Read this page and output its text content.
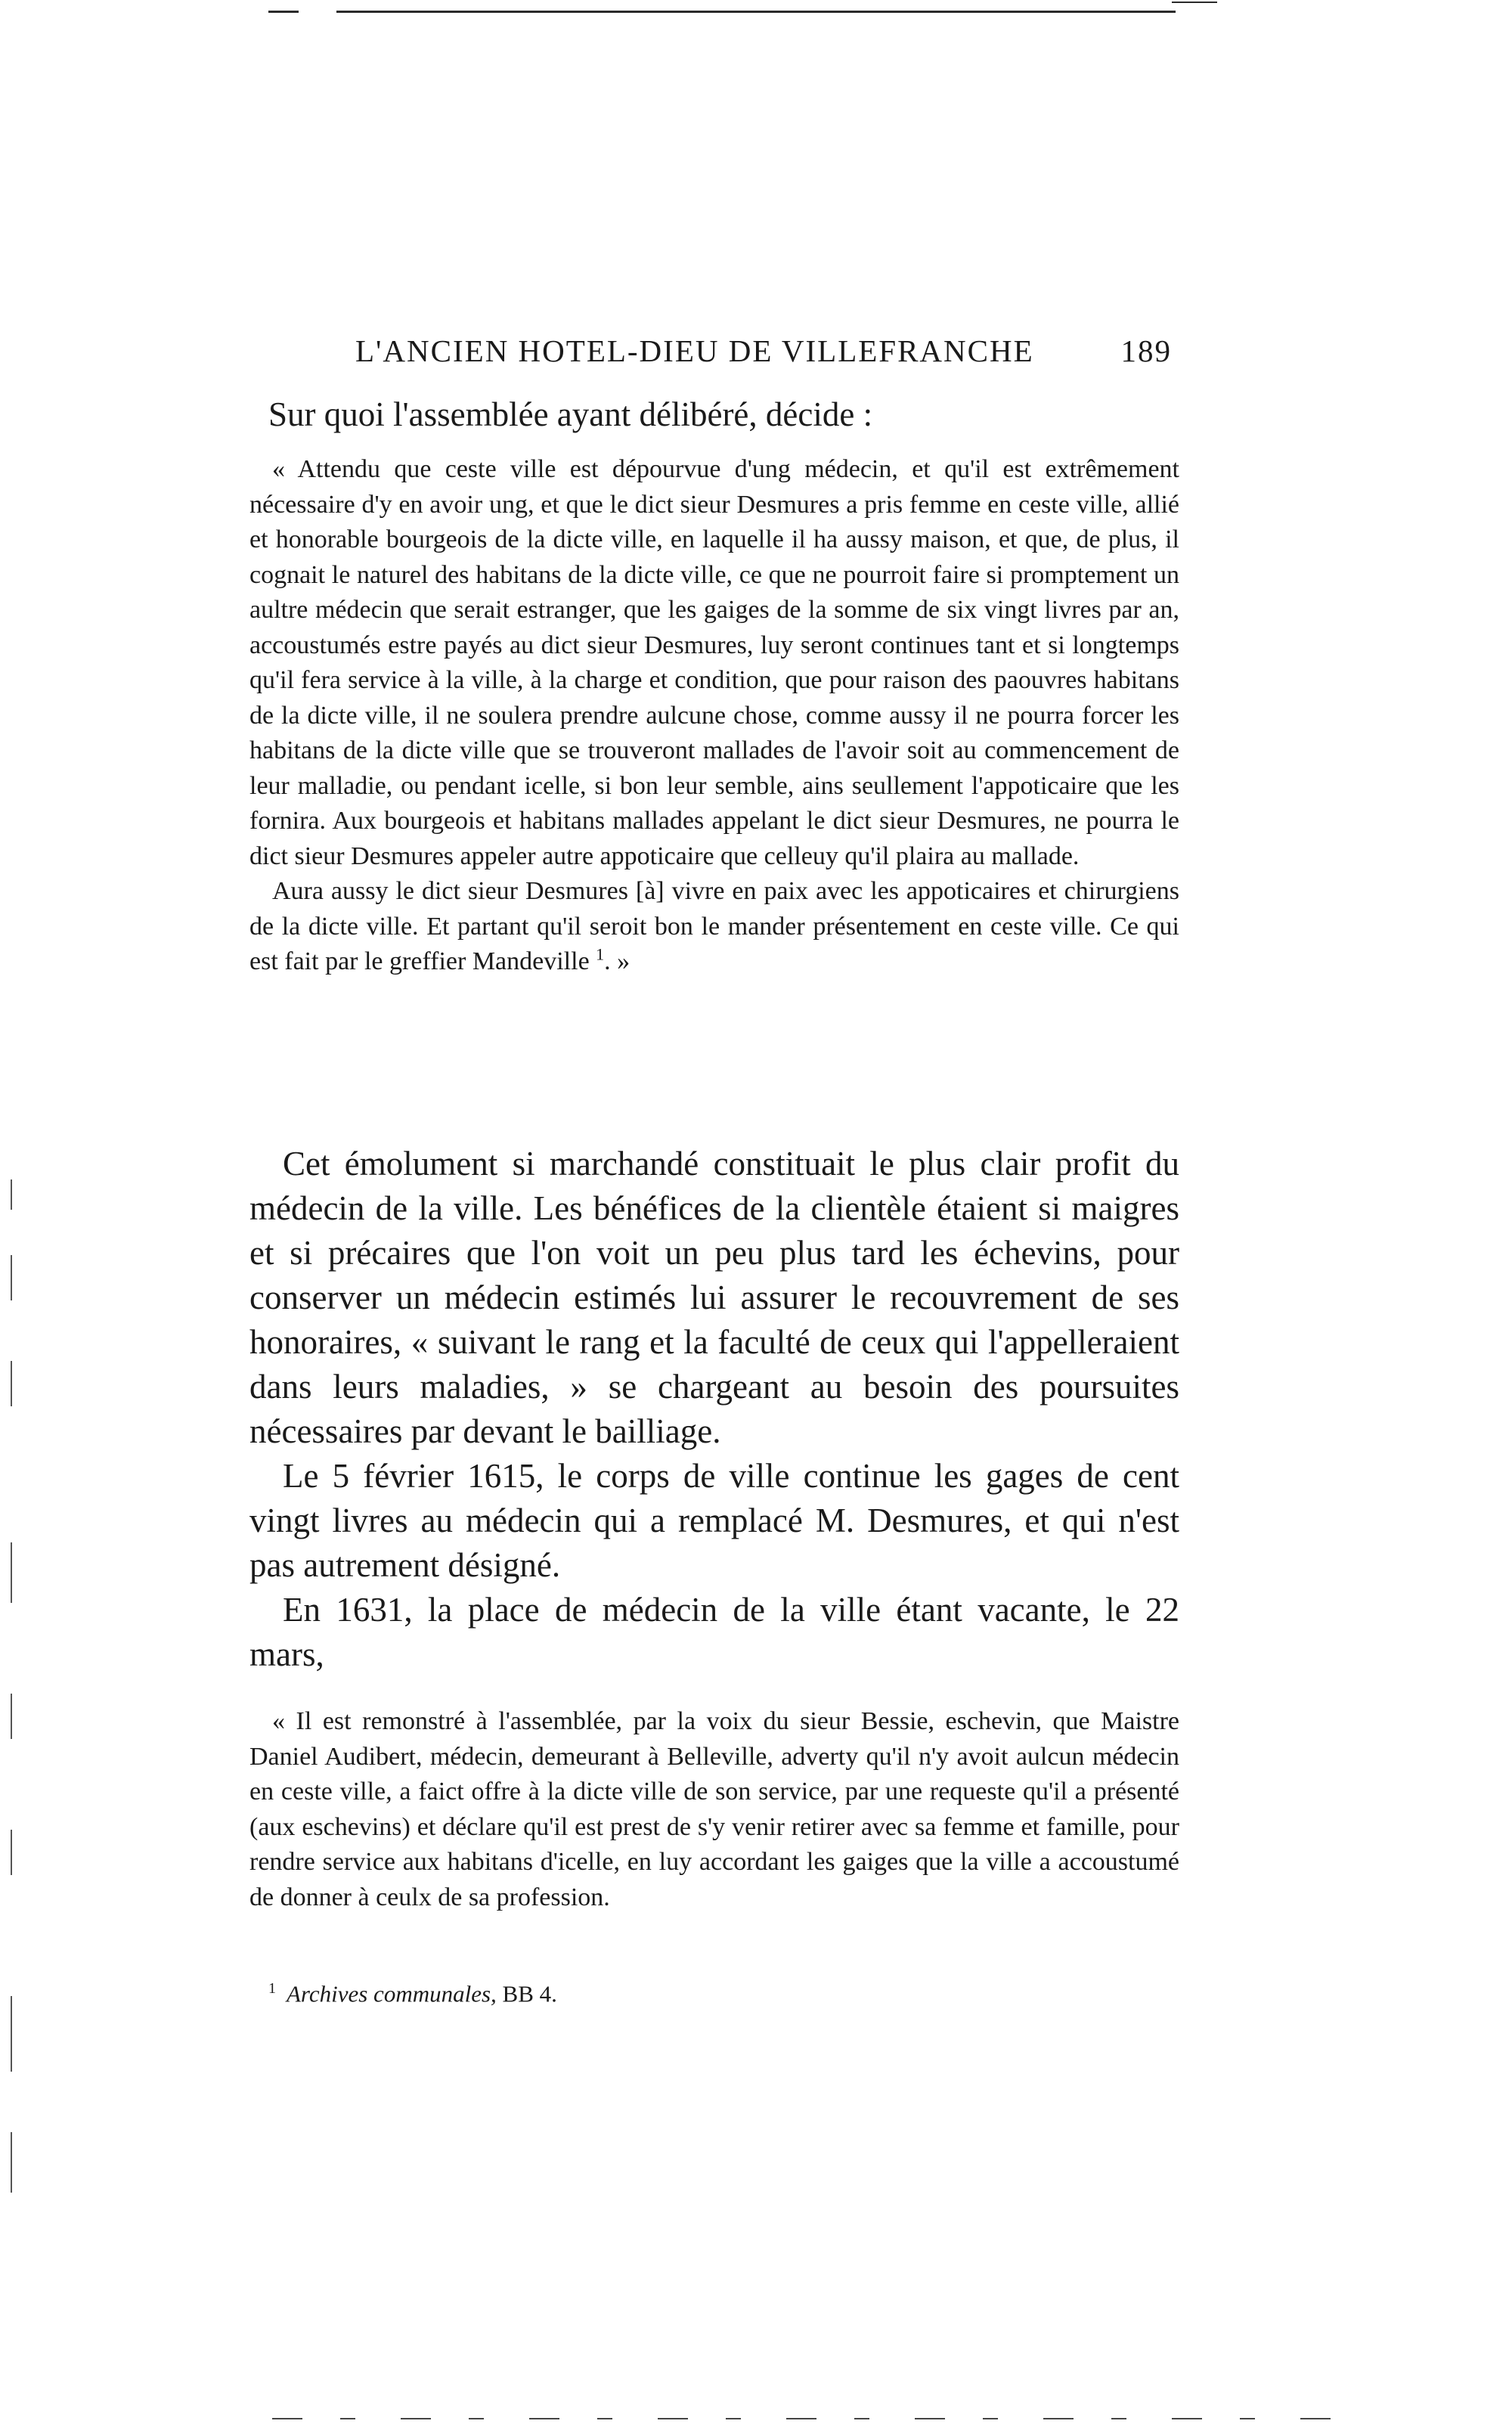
L'ANCIEN HOTEL-DIEU DE VILLEFRANCHE	189
Sur quoi l'assemblée ayant délibéré, décide :

« Attendu que ceste ville est dépourvue d'ung médecin, et qu'il est extrêmement nécessaire d'y en avoir ung, et que le dict sieur Desmures a pris femme en ceste ville, allié et honorable bourgeois de la dicte ville, en laquelle il ha aussy maison, et que, de plus, il cognait le naturel des habitans de la dicte ville, ce que ne pourroit faire si promptement un aultre médecin que serait estranger, que les gaiges de la somme de six vingt livres par an, accoustumés estre payés au dict sieur Desmures, luy seront continues tant et si longtemps qu'il fera service à la ville, à la charge et condition, que pour raison des paouvres habitans de la dicte ville, il ne soulera prendre aulcune chose, comme aussy il ne pourra forcer les habitans de la dicte ville que se trouveront mallades de l'avoir soit au commencement de leur malladie, ou pendant icelle, si bon leur semble, ains seullement l'appoticaire que les fornira. Aux bourgeois et habitans mallades appelant le dict sieur Desmures, ne pourra le dict sieur Desmures appeler autre appoticaire que celleuy qu'il plaira au mallade.

Aura aussy le dict sieur Desmures [à] vivre en paix avec les appoticaires et chirurgiens de la dicte ville. Et partant qu'il seroit bon le mander présentement en ceste ville. Ce qui est fait par le greffier Mandeville $^1$. »

Cet émolument si marchandé constituait le plus clair profit du médecin de la ville. Les bénéfices de la clientèle étaient si maigres et si précaires que l'on voit un peu plus tard les échevins, pour conserver un médecin estimés lui assurer le recouvrement de ses honoraires, « suivant le rang et la faculté de ceux qui l'appelleraient dans leurs maladies, » se chargeant au besoin des poursuites nécessaires par devant le bailliage.

Le 5 février 1615, le corps de ville continue les gages de cent vingt livres au médecin qui a remplacé M. Desmures, et qui n'est pas autrement désigné.

En 1631, la place de médecin de la ville étant vacante, le 22 mars,

« Il est remonstré à l'assemblée, par la voix du sieur Bessie, eschevin, que Maistre Daniel Audibert, médecin, demeurant à Belleville, adverty qu'il n'y avoit aulcun médecin en ceste ville, a faict offre à la dicte ville de son service, par une requeste qu'il a présenté (aux eschevins) et déclare qu'il est prest de s'y venir retirer avec sa femme et famille, pour rendre service aux habitans d'icelle, en luy accordant les gaiges que la ville a accoustumé de donner à ceulx de sa profession.

$^1$ Archives communales, BB 4.
